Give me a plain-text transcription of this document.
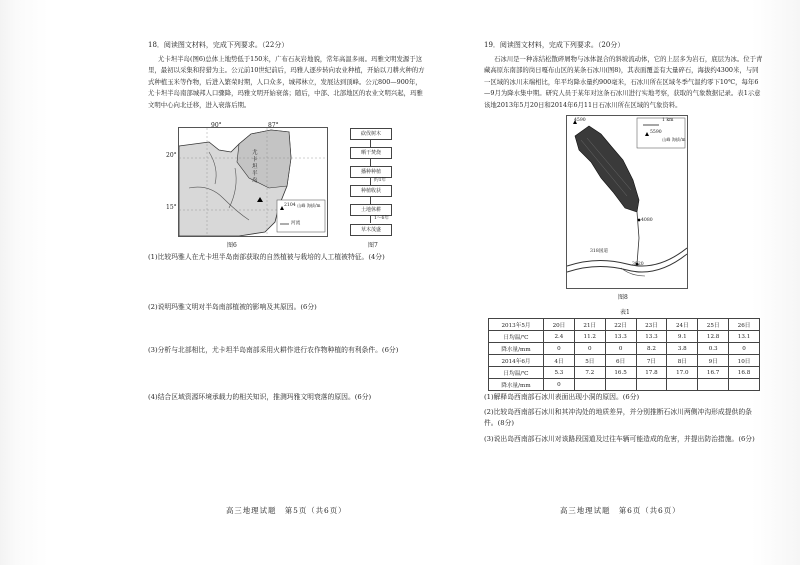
18．阅读图文材料，完成下列要求。（22分）

尤卡坦半岛(图6)总体上地势低于150米，广布石灰岩地貌，常年高温多雨。玛雅文明发源于这里，最初以采集和狩猎为主。公元前10世纪前后，玛雅人逐步转向农业种植，开始以刀耕火种的方式种植玉米等作物，后进入繁荣时期，人口众多，城邦林立，发展达到顶峰。公元800—900年，尤卡坦半岛南部城邦人口骤降，玛雅文明开始衰落；随后，中部、北部地区的农业文明兴起，玛雅文明中心向北迁移，进入衰落后期。

90°	87°
20°
15°
尤卡坦半岛
2104 山峰 海拔/m
河流
图6
砍伐树木
晒干焚烧
播种种植
种植收获
约1年
土地休耕
1～6年
草木茂盛
图7

(1)比较玛雅人在尤卡坦半岛南部获取的自然植被与栽培的人工植被特征。(4分)

(2)说明玛雅文明对半岛南部植被的影响及其原因。(6分)

(3)分析与北部相比，尤卡坦半岛南部采用火耕作进行农作物种植的有利条件。(6分)

(4)结合区域资源环境承载力的相关知识，推测玛雅文明衰落的原因。(6分)

高三地理试题　第5页（共6页）
19．阅读图文材料，完成下列要求。（20分）

石冰川是一种冻结松散碎屑物与冰体混合的斜坡流动体，它的上层多为岩石，底层为冰。位于青藏高原东南部的岗日嘎布山区的某条石冰川(图8)，其表面覆盖有大量碎石，海拔约4300米，与同一区域的冰川末端相比，年平均降水量约900毫米，石冰川所在区域冬季气温约零下10℃，每年6—9月为降水集中期。研究人员于某年对这条石冰川进行实地考察，获取的气象数据记录。表1示意该地2013年5月20日和2014年6月11日石冰川所在区域的气象资料。

4590	1 km
5590
山峰 海拔/m
4080
3920
318国道
图8
表1
2013年5月	20日	21日	22日	23日	24日	25日	26日
日均温/℃	2.4	11.2	13.3	13.3	9.1	12.8	13.1
降水量/mm	0	0	0	8.2	3.8	0.3	0
2014年6月	4日	5日	6日	7日	8日	9日	10日
日均温/℃	5.3	7.2	16.5	17.8	17.0	16.7	16.8
降水量/mm	0						

(1)解释岛西南部石冰川表面出现小洞的原因。(6分)

(2)比较岛西南部石冰川和其冲沟处的地质差异，并分别推断石冰川两侧冲沟形成提供的条件。(8分)

(3)说出岛西南部石冰川对该路段国道及过往车辆可能造成的危害，并提出防治措施。(6分)

高三地理试题　第6页（共6页）
